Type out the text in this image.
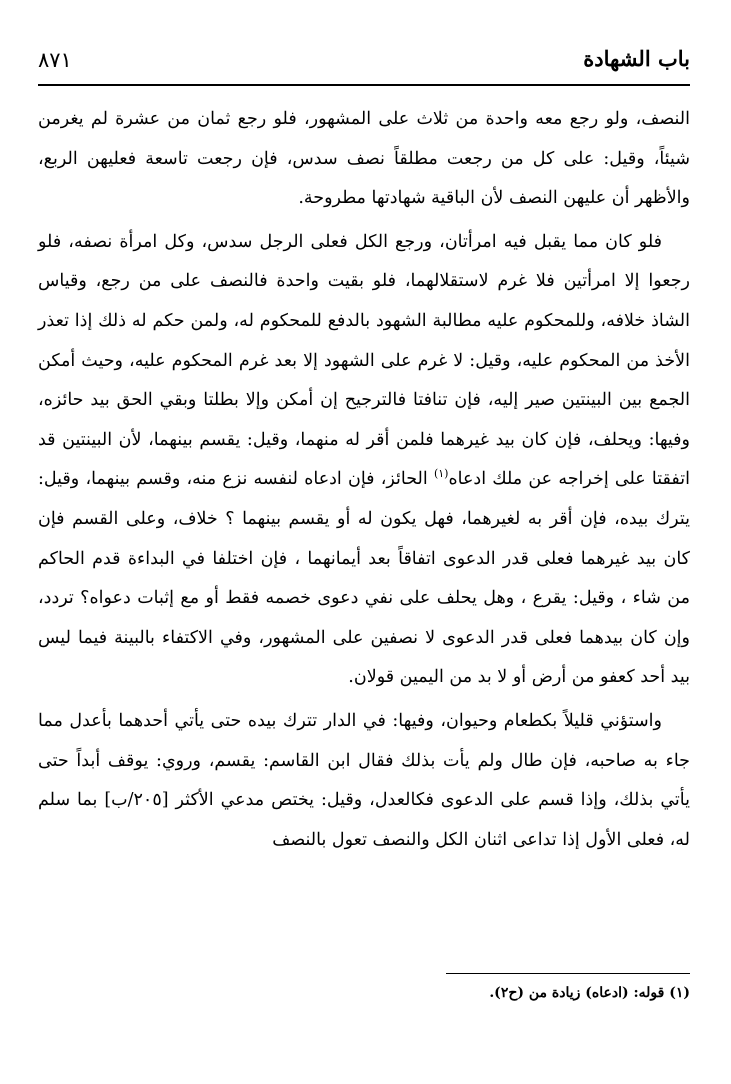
باب الشهادة
٨٧١

النصف، ولو رجع معه واحدة من ثلاث على المشهور، فلو رجع ثمان من عشرة لم يغرمن شيئاً، وقيل: على كل من رجعت مطلقاً نصف سدس، فإن رجعت تاسعة فعليهن الربع، والأظهر أن عليهن النصف لأن الباقية شهادتها مطروحة.

فلو كان مما يقبل فيه امرأتان، ورجع الكل فعلى الرجل سدس، وكل امرأة نصفه، فلو رجعوا إلا امرأتين فلا غرم لاستقلالهما، فلو بقيت واحدة فالنصف على من رجع، وقياس الشاذ خلافه، وللمحكوم عليه مطالبة الشهود بالدفع للمحكوم له، ولمن حكم له ذلك إذا تعذر الأخذ من المحكوم عليه، وقيل: لا غرم على الشهود إلا بعد غرم المحكوم عليه، وحيث أمكن الجمع بين البينتين صير إليه، فإن تنافتا فالترجيح إن أمكن وإلا بطلتا وبقي الحق بيد حائزه، وفيها: ويحلف، فإن كان بيد غيرهما فلمن أقر له منهما، وقيل: يقسم بينهما، لأن البينتين قد اتفقتا على إخراجه عن ملك ادعاه$^{(١)}$ الحائز، فإن ادعاه لنفسه نزع منه، وقسم بينهما، وقيل: يترك بيده، فإن أقر به لغيرهما، فهل يكون له أو يقسم بينهما ؟ خلاف، وعلى القسم فإن كان بيد غيرهما فعلى قدر الدعوى اتفاقاً بعد أيمانهما ، فإن اختلفا في البداءة قدم الحاكم من شاء ، وقيل: يقرع ، وهل يحلف على نفي دعوى خصمه فقط أو مع إثبات دعواه؟ تردد، وإن كان بيدهما فعلى قدر الدعوى لا نصفين على المشهور، وفي الاكتفاء بالبينة فيما ليس بيد أحد كعفو من أرض أو لا بد من اليمين قولان.

واستؤني قليلاً بكطعام وحيوان، وفيها: في الدار تترك بيده حتى يأتي أحدهما بأعدل مما جاء به صاحبه، فإن طال ولم يأت بذلك فقال ابن القاسم: يقسم، وروي: يوقف أبداً حتى يأتي بذلك، وإذا قسم على الدعوى فكالعدل، وقيل: يختص مدعي الأكثر [٢٠٥/ب] بما سلم له، فعلى الأول إذا تداعى اثنان الكل والنصف تعول بالنصف

(١) قوله: (ادعاه) زيادة من (ح٢).
